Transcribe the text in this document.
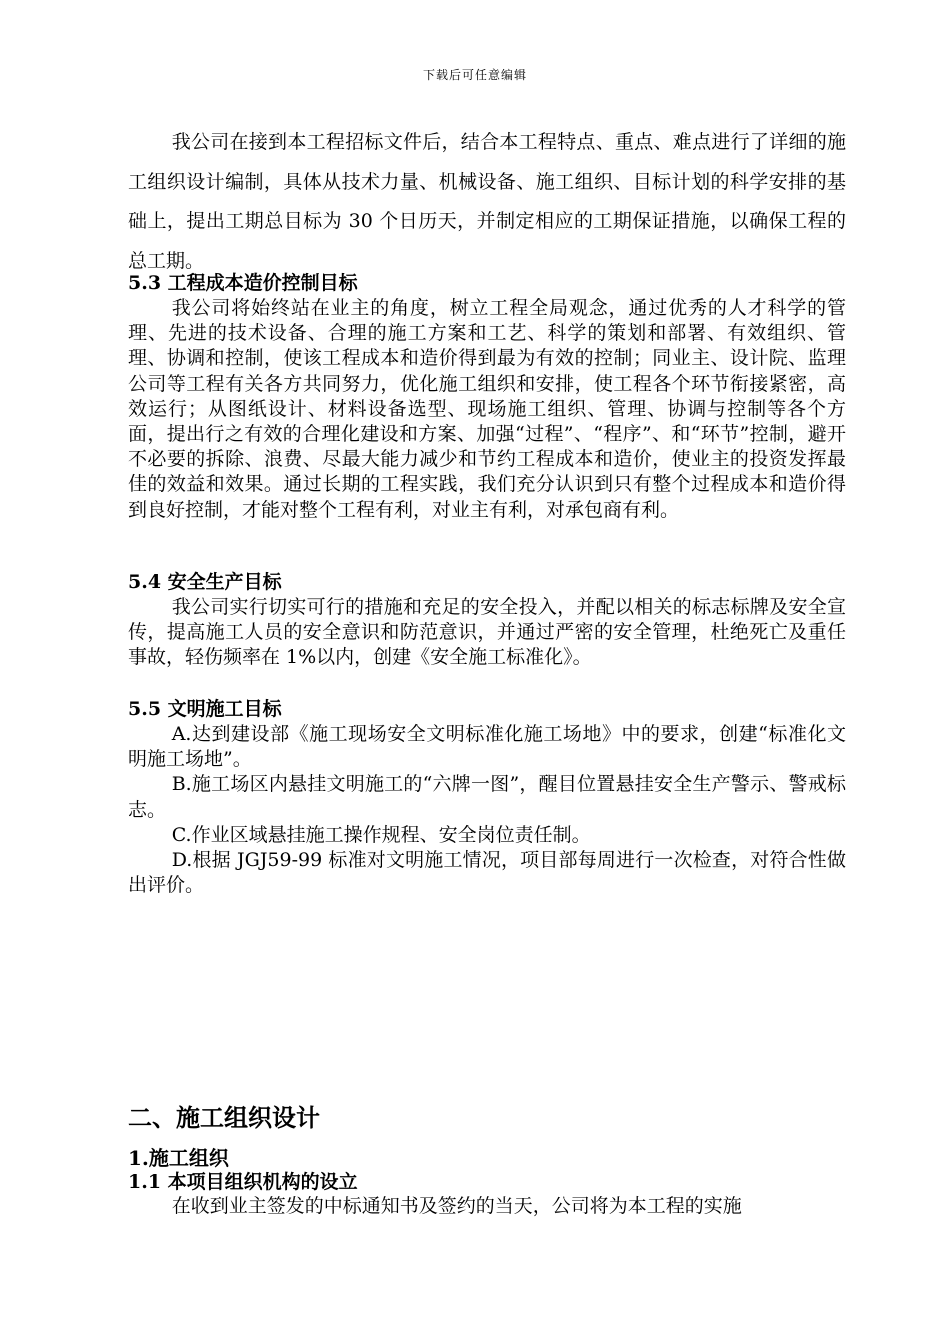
下载后可任意编辑

我公司在接到本工程招标文件后，结合本工程特点、重点、难点进行了详细的施工组织设计编制，具体从技术力量、机械设备、施工组织、目标计划的科学安排的基础上，提出工期总目标为 30 个日历天，并制定相应的工期保证措施，以确保工程的总工期。

5.3 工程成本造价控制目标

我公司将始终站在业主的角度，树立工程全局观念，通过优秀的人才科学的管理、先进的技术设备、合理的施工方案和工艺、科学的策划和部署、有效组织、管理、协调和控制，使该工程成本和造价得到最为有效的控制；同业主、设计院、监理公司等工程有关各方共同努力，优化施工组织和安排，使工程各个环节衔接紧密，高效运行；从图纸设计、材料设备选型、现场施工组织、管理、协调与控制等各个方面，提出行之有效的合理化建设和方案、加强“过程”、“程序”、和“环节”控制，避开不必要的拆除、浪费、尽最大能力减少和节约工程成本和造价，使业主的投资发挥最佳的效益和效果。通过长期的工程实践，我们充分认识到只有整个过程成本和造价得到良好控制，才能对整个工程有利，对业主有利，对承包商有利。

5.4 安全生产目标

我公司实行切实可行的措施和充足的安全投入，并配以相关的标志标牌及安全宣传，提高施工人员的安全意识和防范意识，并通过严密的安全管理，杜绝死亡及重任事故，轻伤频率在 1%以内，创建《安全施工标准化》。

5.5 文明施工目标

A.达到建设部《施工现场安全文明标准化施工场地》中的要求，创建“标准化文明施工场地”。

B.施工场区内悬挂文明施工的“六牌一图”，醒目位置悬挂安全生产警示、警戒标志。

C.作业区域悬挂施工操作规程、安全岗位责任制。

D.根据 JGJ59-99 标准对文明施工情况，项目部每周进行一次检查，对符合性做出评价。

二、施工组织设计
1.施工组织
1.1 本项目组织机构的设立

在收到业主签发的中标通知书及签约的当天，公司将为本工程的实施
